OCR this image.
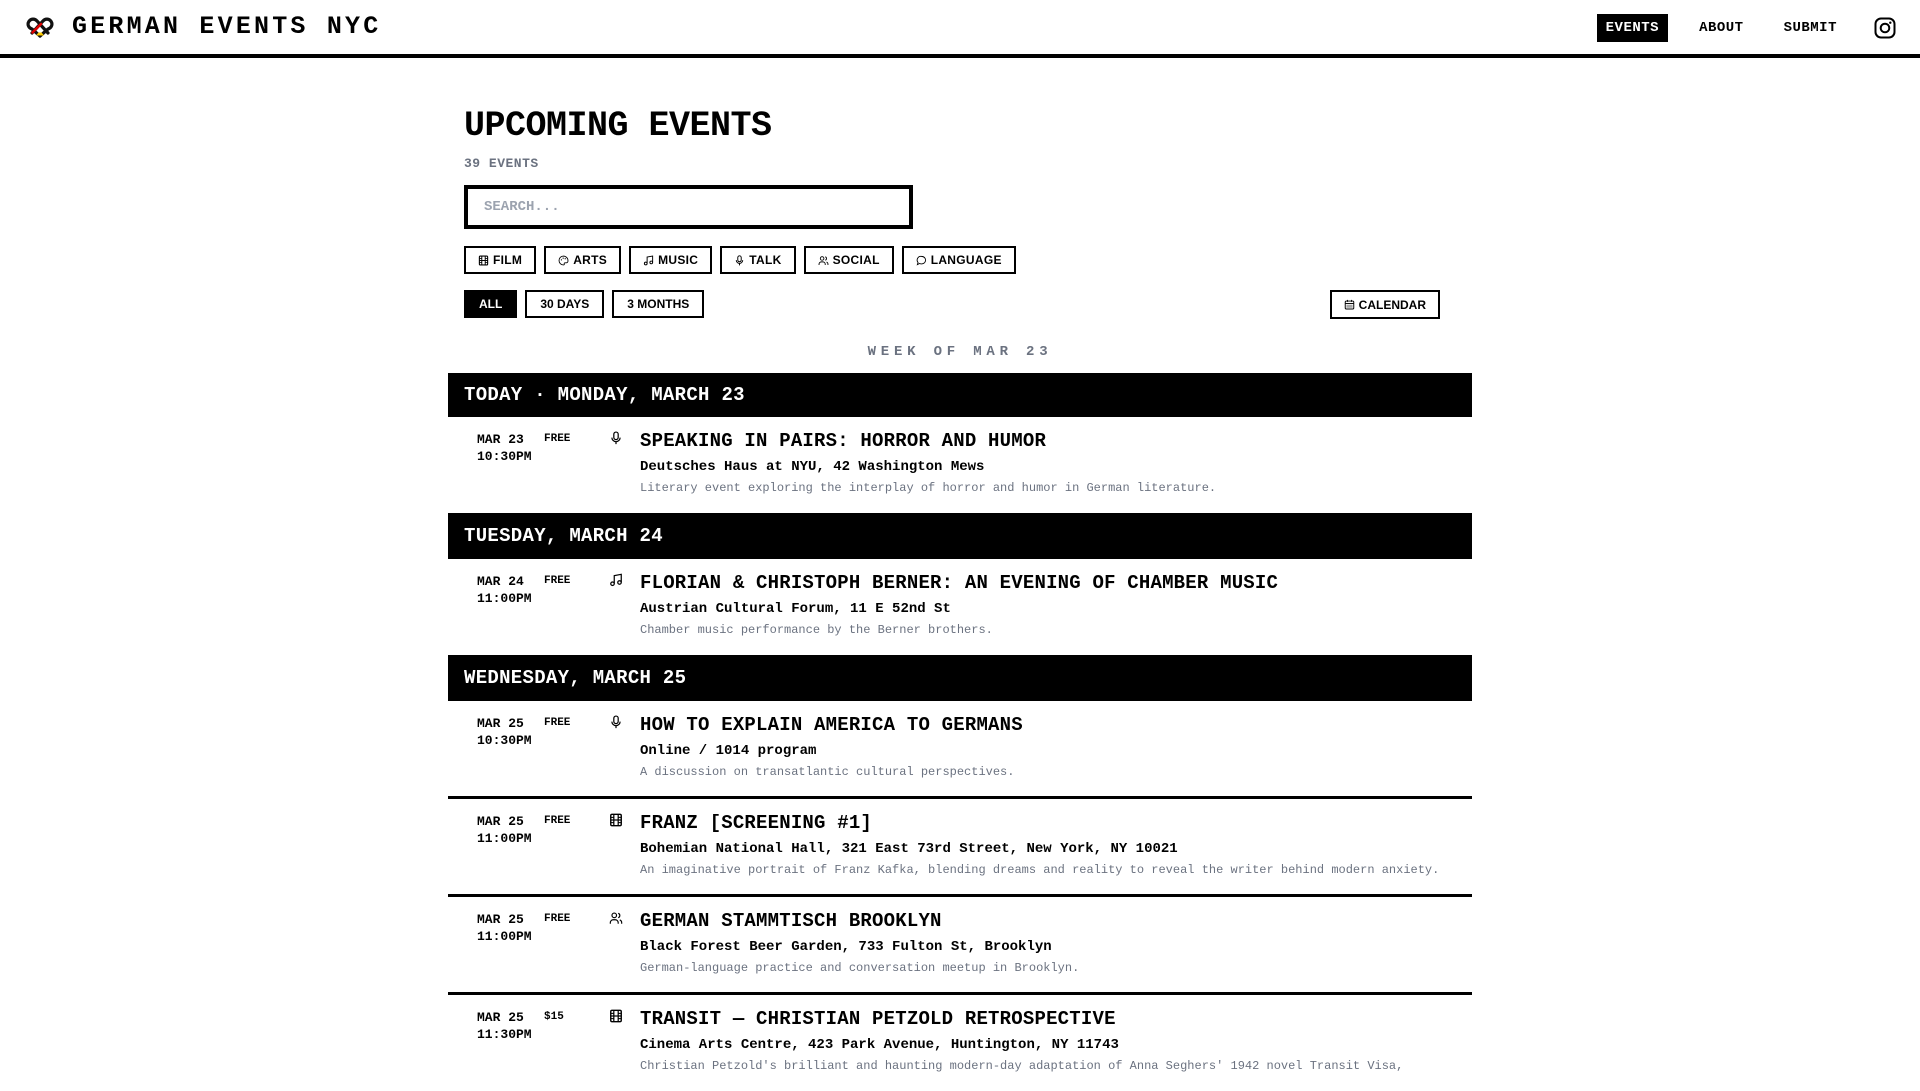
GERMAN EVENTS NYC	EVENTS	ABOUT	SUBMIT
UPCOMING EVENTS
39 EVENTS
SEARCH...
FILM	ARTS	MUSIC	TALK	SOCIAL	LANGUAGE
ALL	30 DAYS	3 MONTHS	CALENDAR
WEEK OF MAR 23
TODAY · MONDAY, MARCH 23
MAR 23
10:30PM
FREE	SPEAKING IN PAIRS: HORROR AND HUMOR
Deutsches Haus at NYU, 42 Washington Mews
Literary event exploring the interplay of horror and humor in German literature.
TUESDAY, MARCH 24
MAR 24
11:00PM
FREE	FLORIAN & CHRISTOPH BERNER: AN EVENING OF CHAMBER MUSIC
Austrian Cultural Forum, 11 E 52nd St
Chamber music performance by the Berner brothers.
WEDNESDAY, MARCH 25
MAR 25
10:30PM
FREE	HOW TO EXPLAIN AMERICA TO GERMANS
Online / 1014 program
A discussion on transatlantic cultural perspectives.
MAR 25
11:00PM
FREE	FRANZ [SCREENING #1]
Bohemian National Hall, 321 East 73rd Street, New York, NY 10021
An imaginative portrait of Franz Kafka, blending dreams and reality to reveal the writer behind modern anxiety.
MAR 25
11:00PM
FREE	GERMAN STAMMTISCH BROOKLYN
Black Forest Beer Garden, 733 Fulton St, Brooklyn
German-language practice and conversation meetup in Brooklyn.
MAR 25
11:30PM
$15	TRANSIT — CHRISTIAN PETZOLD RETROSPECTIVE
Cinema Arts Centre, 423 Park Avenue, Huntington, NY 11743
Christian Petzold's brilliant and haunting modern-day adaptation of Anna Seghers' 1942 novel Transit Visa,
